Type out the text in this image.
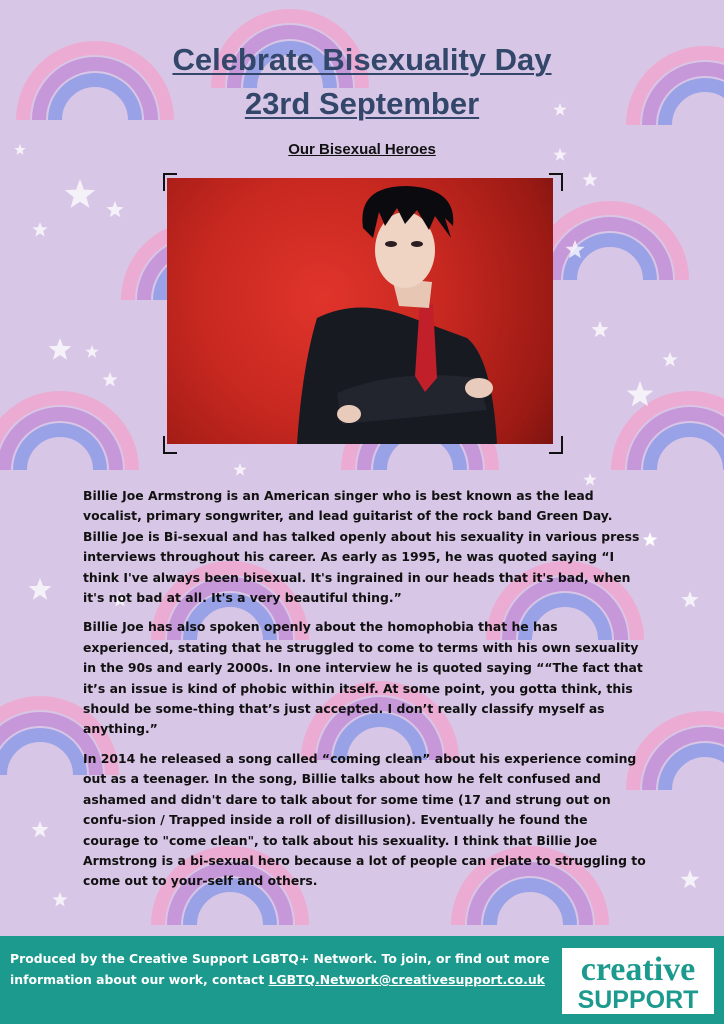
Celebrate Bisexuality Day
23rd September
Our Bisexual Heroes

Billie Joe Armstrong is an American singer who is best known as the lead vocalist, primary songwriter, and lead guitarist of the rock band Green Day. Billie Joe is Bi-sexual and has talked openly about his sexuality in various press interviews throughout his career. As early as 1995, he was quoted saying “I think I've always been bisexual. It's ingrained in our heads that it's bad, when it's not bad at all. It's a very beautiful thing.”

Billie Joe has also spoken openly about the homophobia that he has experienced, stating that he struggled to come to terms with his own sexuality in the 90s and early 2000s. In one interview he is quoted saying ““The fact that it’s an issue is kind of phobic within itself. At some point, you gotta think, this should be some-thing that’s just accepted. I don’t really classify myself as anything.”

In 2014 he released a song called “coming clean” about his experience coming out as a teenager. In the song, Billie talks about how he felt confused and ashamed and didn't dare to talk about for some time (17 and strung out on confu-sion / Trapped inside a roll of disillusion). Eventually he found the courage to "come clean", to talk about his sexuality. I think that Billie Joe Armstrong is a bi-sexual hero because a lot of people can relate to struggling to come out to your-self and others.

Produced by the Creative Support LGBTQ+ Network. To join, or find out more information about our work, contact LGBTQ.Network@creativesupport.co.uk	creative
SUPPORT
